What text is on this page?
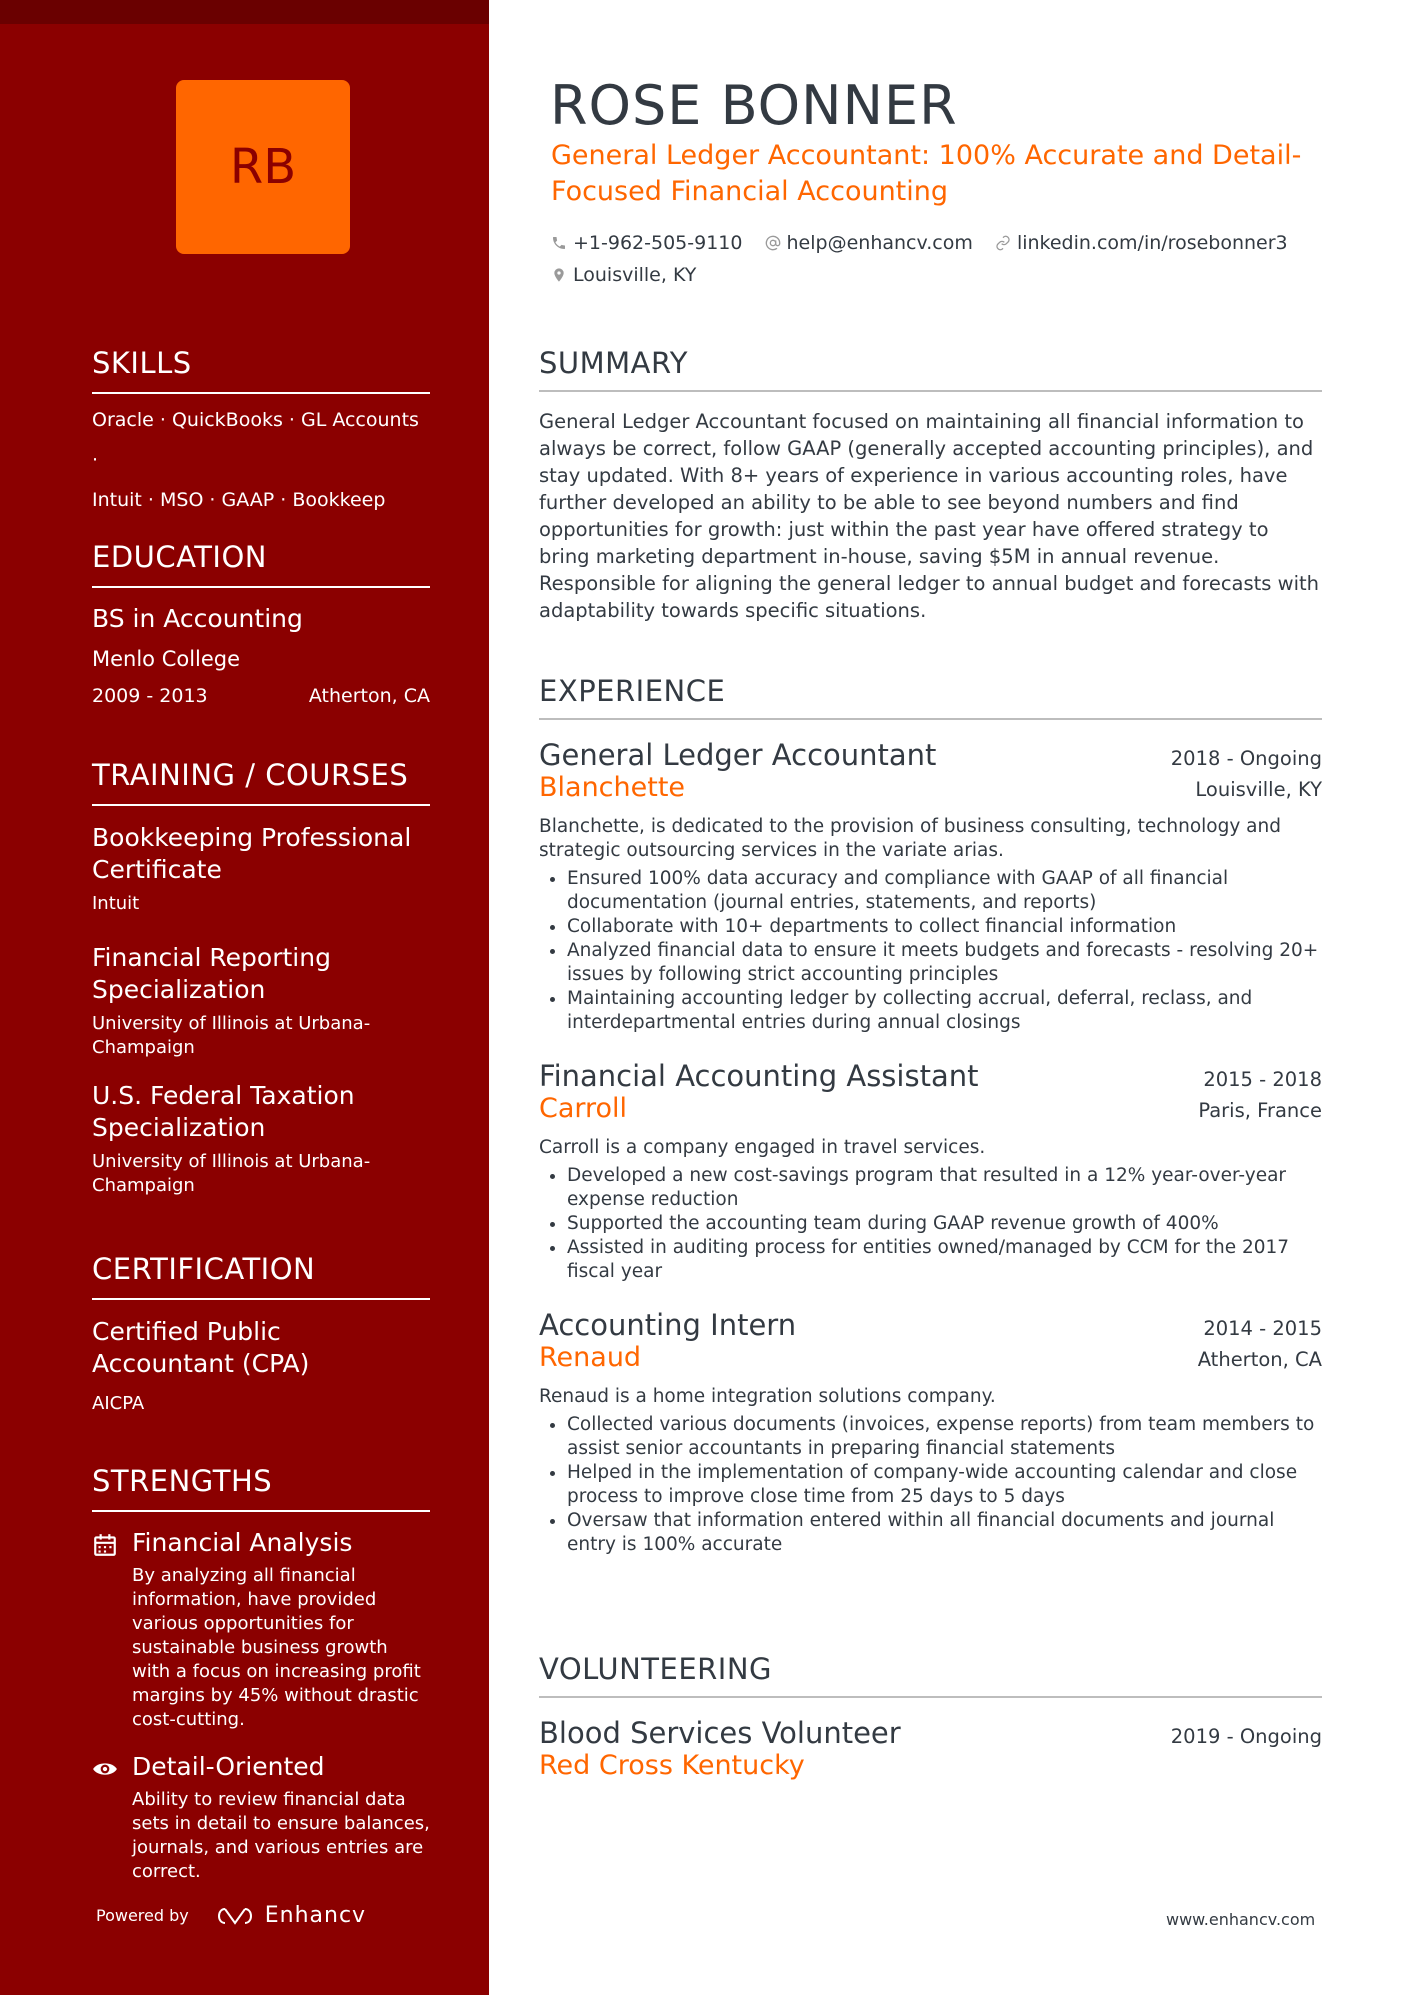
RB
SKILLS
Oracle · QuickBooks · GL Accounts ·
Intuit · MSO · GAAP · Bookkeep
EDUCATION
BS in Accounting
Menlo College
2009 - 2013	Atherton, CA
TRAINING / COURSES
Bookkeeping Professional Certificate
Intuit
Financial Reporting Specialization
University of Illinois at Urbana-Champaign
U.S. Federal Taxation Specialization
University of Illinois at Urbana-Champaign
CERTIFICATION
Certified Public Accountant (CPA)
AICPA
STRENGTHS
Financial Analysis
By analyzing all financial information, have provided various opportunities for sustainable business growth with a focus on increasing profit margins by 45% without drastic cost-cutting.
Detail-Oriented
Ability to review financial data sets in detail to ensure balances, journals, and various entries are correct.
Powered by	Enhancv
ROSE BONNER
General Ledger Accountant: 100% Accurate and Detail-Focused Financial Accounting
+1-962-505-9110
help@enhancv.com
linkedin.com/in/rosebonner3

Louisville, KY
SUMMARY
General Ledger Accountant focused on maintaining all financial information to always be correct, follow GAAP (generally accepted accounting principles), and stay updated. With 8+ years of experience in various accounting roles, have further developed an ability to be able to see beyond numbers and find opportunities for growth: just within the past year have offered strategy to bring marketing department in-house, saving $5M in annual revenue. Responsible for aligning the general ledger to annual budget and forecasts with adaptability towards specific situations.
EXPERIENCE
General Ledger Accountant	2018 - Ongoing
Blanchette	Louisville, KY
Blanchette, is dedicated to the provision of business consulting, technology and strategic outsourcing services in the variate arias.
• Ensured 100% data accuracy and compliance with GAAP of all financial documentation (journal entries, statements, and reports)
• Collaborate with 10+ departments to collect financial information
• Analyzed financial data to ensure it meets budgets and forecasts - resolving 20+ issues by following strict accounting principles
• Maintaining accounting ledger by collecting accrual, deferral, reclass, and interdepartmental entries during annual closings
Financial Accounting Assistant	2015 - 2018
Carroll	Paris, France
Carroll is a company engaged in travel services.
• Developed a new cost-savings program that resulted in a 12% year-over-year expense reduction
• Supported the accounting team during GAAP revenue growth of 400%
• Assisted in auditing process for entities owned/managed by CCM for the 2017 fiscal year
Accounting Intern	2014 - 2015
Renaud	Atherton, CA
Renaud is a home integration solutions company.
• Collected various documents (invoices, expense reports) from team members to assist senior accountants in preparing financial statements
• Helped in the implementation of company-wide accounting calendar and close process to improve close time from 25 days to 5 days
• Oversaw that information entered within all financial documents and journal entry is 100% accurate
VOLUNTEERING
Blood Services Volunteer	2019 - Ongoing
Red Cross Kentucky
www.enhancv.com
